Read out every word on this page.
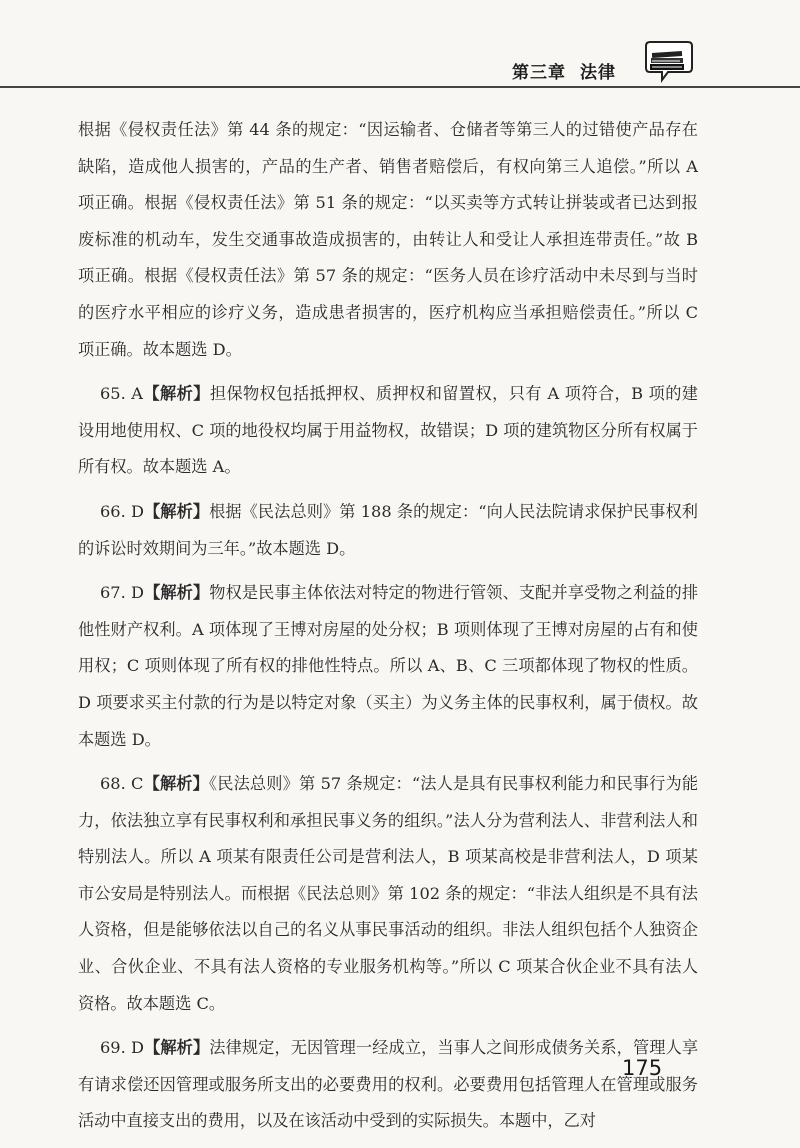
第三章 法律

根据《侵权责任法》第 44 条的规定：“因运输者、仓储者等第三人的过错使产品存在缺陷，造成他人损害的，产品的生产者、销售者赔偿后，有权向第三人追偿。”所以 A 项正确。根据《侵权责任法》第 51 条的规定：“以买卖等方式转让拼装或者已达到报废标准的机动车，发生交通事故造成损害的，由转让人和受让人承担连带责任。”故 B 项正确。根据《侵权责任法》第 57 条的规定：“医务人员在诊疗活动中未尽到与当时的医疗水平相应的诊疗义务，造成患者损害的，医疗机构应当承担赔偿责任。”所以 C 项正确。故本题选 D。

65. A【解析】担保物权包括抵押权、质押权和留置权，只有 A 项符合，B 项的建设用地使用权、C 项的地役权均属于用益物权，故错误；D 项的建筑物区分所有权属于所有权。故本题选 A。

66. D【解析】根据《民法总则》第 188 条的规定：“向人民法院请求保护民事权利的诉讼时效期间为三年。”故本题选 D。

67. D【解析】物权是民事主体依法对特定的物进行管领、支配并享受物之利益的排他性财产权利。A 项体现了王博对房屋的处分权；B 项则体现了王博对房屋的占有和使用权；C 项则体现了所有权的排他性特点。所以 A、B、C 三项都体现了物权的性质。D 项要求买主付款的行为是以特定对象（买主）为义务主体的民事权利，属于债权。故本题选 D。

68. C【解析】《民法总则》第 57 条规定：“法人是具有民事权利能力和民事行为能力，依法独立享有民事权利和承担民事义务的组织。”法人分为营利法人、非营利法人和特别法人。所以 A 项某有限责任公司是营利法人，B 项某高校是非营利法人，D 项某市公安局是特别法人。而根据《民法总则》第 102 条的规定：“非法人组织是不具有法人资格，但是能够依法以自己的名义从事民事活动的组织。非法人组织包括个人独资企业、合伙企业、不具有法人资格的专业服务机构等。”所以 C 项某合伙企业不具有法人资格。故本题选 C。

69. D【解析】法律规定，无因管理一经成立，当事人之间形成债务关系，管理人享有请求偿还因管理或服务所支出的必要费用的权利。必要费用包括管理人在管理或服务活动中直接支出的费用，以及在该活动中受到的实际损失。本题中，乙对

175
